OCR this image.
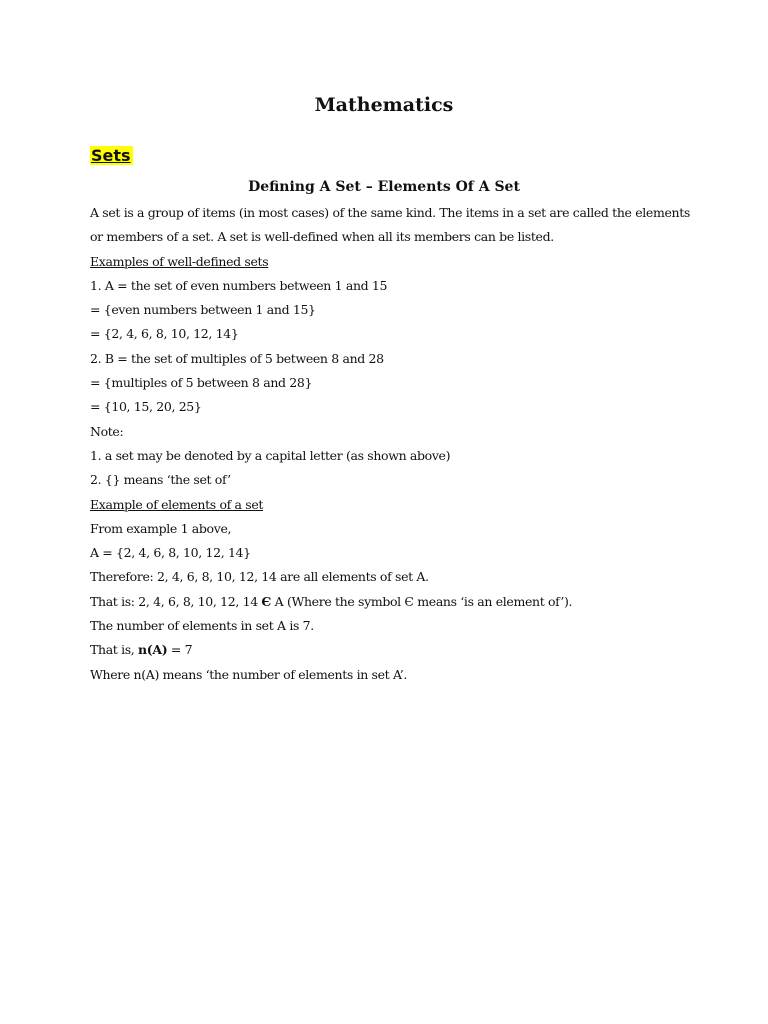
Mathematics
Sets
Defining A Set – Elements Of A Set
A set is a group of items (in most cases) of the same kind. The items in a set are called the elements
or members of a set. A set is well-defined when all its members can be listed.
Examples of well-defined sets
1. A = the set of even numbers between 1 and 15
= {even numbers between 1 and 15}
= {2, 4, 6, 8, 10, 12, 14}
2. B = the set of multiples of 5 between 8 and 28
= {multiples of 5 between 8 and 28}
= {10, 15, 20, 25}
Note:
1. a set may be denoted by a capital letter (as shown above)
2. {} means ‘the set of’
Example of elements of a set
From example 1 above,
A = {2, 4, 6, 8, 10, 12, 14}
Therefore: 2, 4, 6, 8, 10, 12, 14 are all elements of set A.
That is: 2, 4, 6, 8, 10, 12, 14 Є A (Where the symbol Є means ‘is an element of’).
The number of elements in set A is 7.
That is, n(A) = 7
Where n(A) means ‘the number of elements in set A’.
